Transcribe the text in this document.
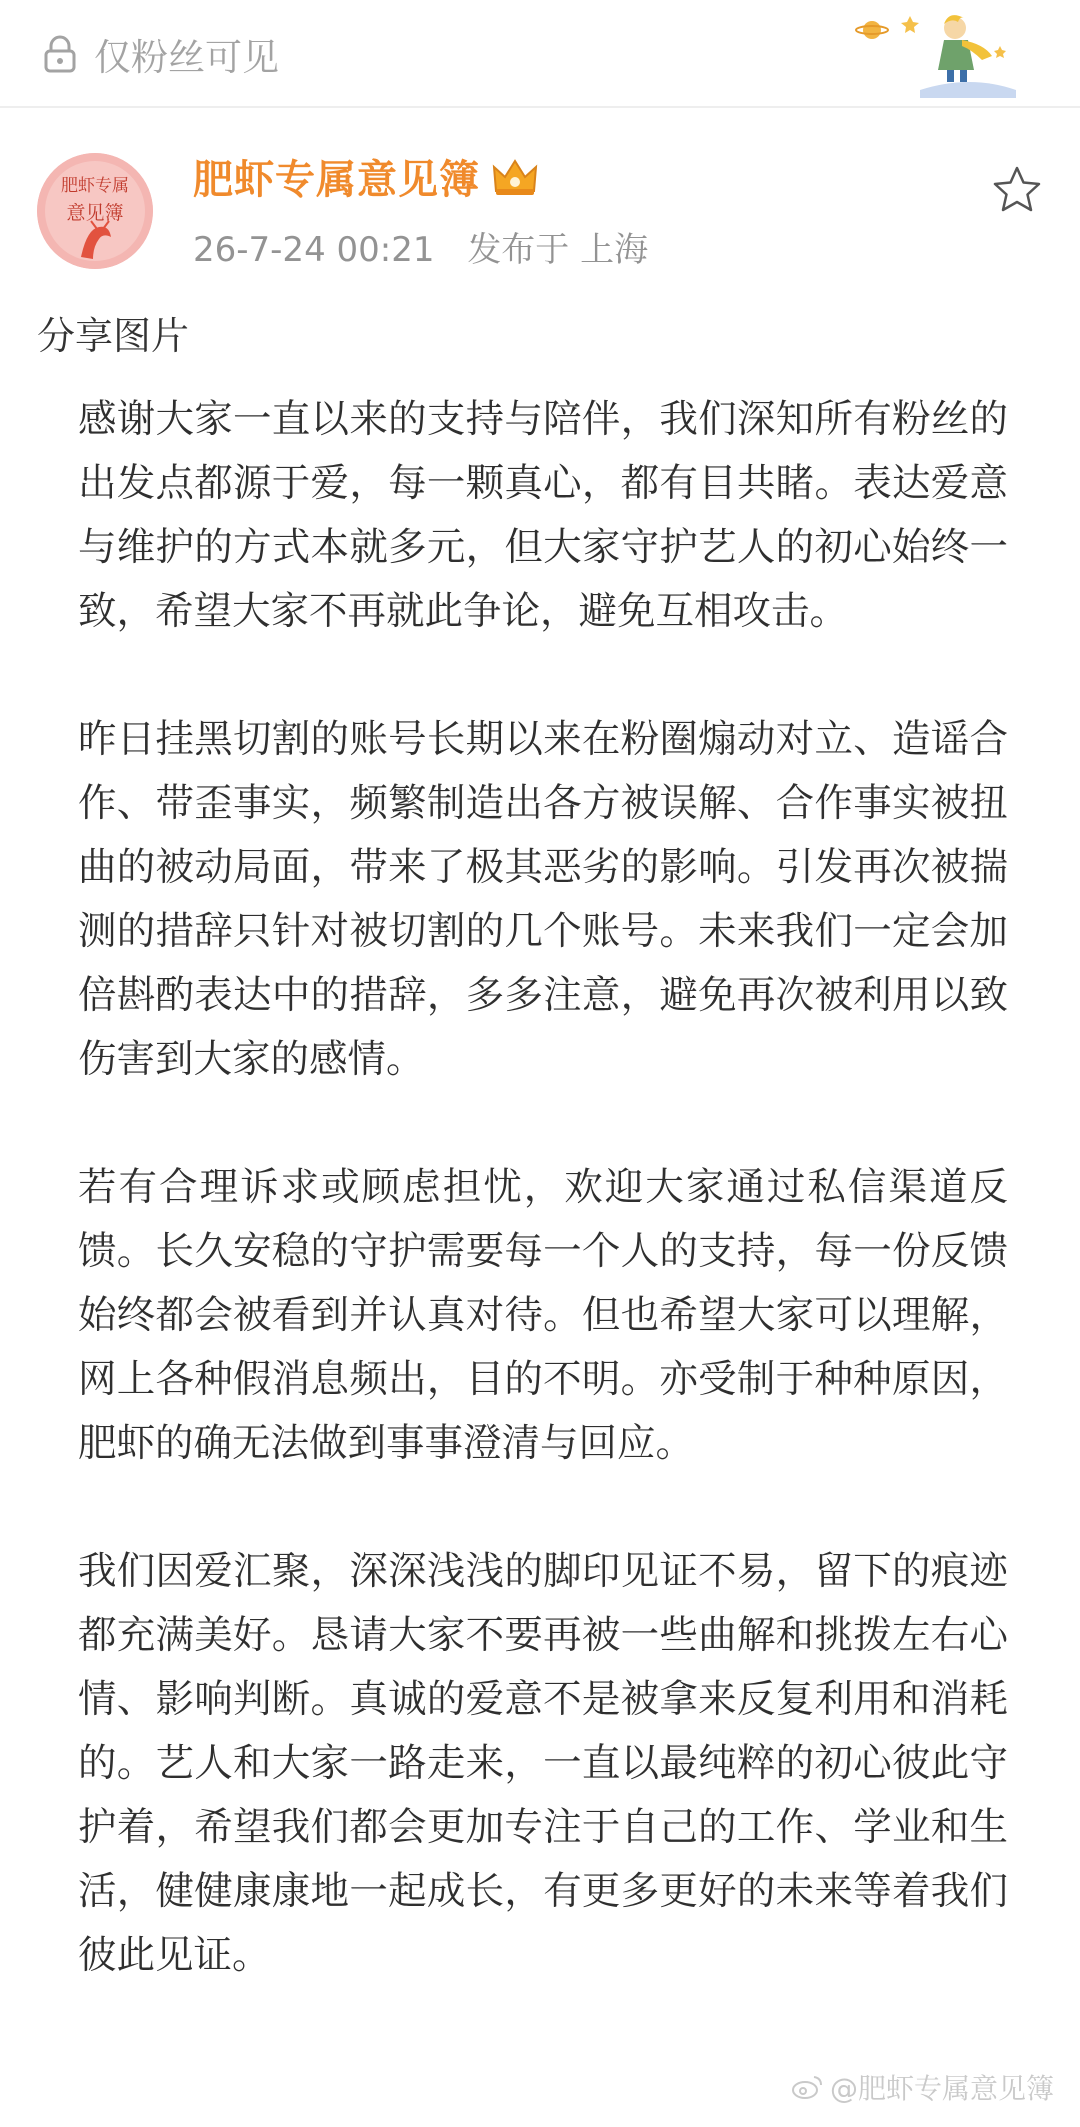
仅粉丝可见
肥虾专属
意见簿
肥虾专属意见簿
26-7-24 00:21 发布于 上海
分享图片

感谢大家一直以来的支持与陪伴，我们深知所有粉丝的出发点都源于爱，每一颗真心，都有目共睹。表达爱意与维护的方式本就多元，但大家守护艺人的初心始终一致，希望大家不再就此争论，避免互相攻击。

昨日挂黑切割的账号长期以来在粉圈煽动对立、造谣合作、带歪事实，频繁制造出各方被误解、合作事实被扭曲的被动局面，带来了极其恶劣的影响。引发再次被揣测的措辞只针对被切割的几个账号。未来我们一定会加倍斟酌表达中的措辞，多多注意，避免再次被利用以致伤害到大家的感情。

若有合理诉求或顾虑担忧，欢迎大家通过私信渠道反馈。长久安稳的守护需要每一个人的支持，每一份反馈始终都会被看到并认真对待。但也希望大家可以理解，网上各种假消息频出，目的不明。亦受制于种种原因，肥虾的确无法做到事事澄清与回应。

我们因爱汇聚，深深浅浅的脚印见证不易，留下的痕迹都充满美好。恳请大家不要再被一些曲解和挑拨左右心情、影响判断。真诚的爱意不是被拿来反复利用和消耗的。艺人和大家一路走来，一直以最纯粹的初心彼此守护着，希望我们都会更加专注于自己的工作、学业和生活，健健康康地一起成长，有更多更好的未来等着我们彼此见证。

@肥虾专属意见簿
